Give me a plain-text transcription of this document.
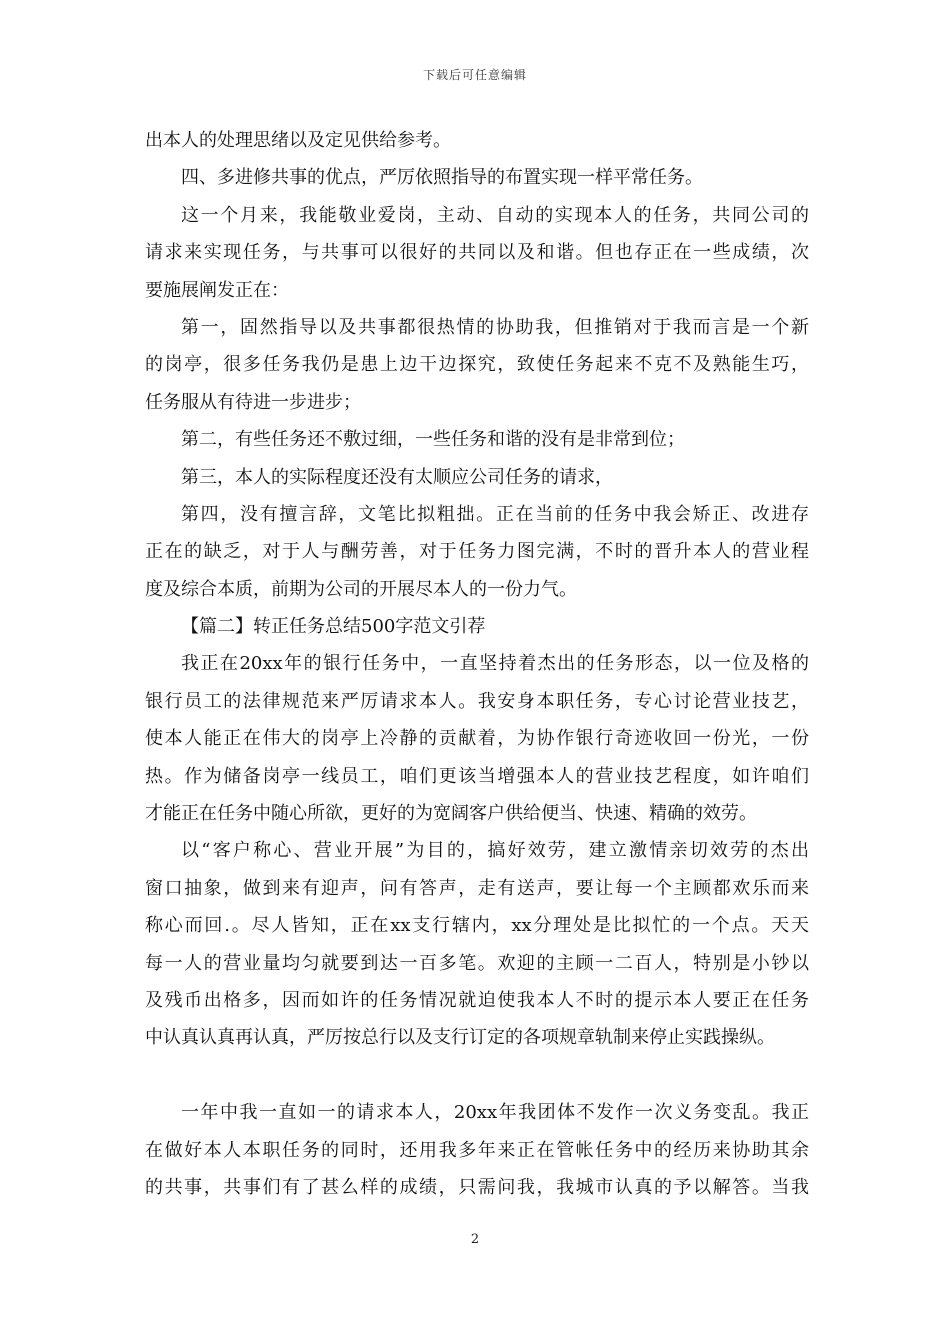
下载后可任意编辑
出本人的处理思绪以及定见供给参考。
四、多进修共事的优点，严厉依照指导的布置实现一样平常任务。
这一个月来，我能敬业爱岗，主动、自动的实现本人的任务，共同公司的
请求来实现任务，与共事可以很好的共同以及和谐。但也存正在一些成绩，次
要施展阐发正在：
第一，固然指导以及共事都很热情的协助我，但推销对于我而言是一个新
的岗亭，很多任务我仍是患上边干边探究，致使任务起来不克不及熟能生巧，
任务服从有待进一步进步；
第二，有些任务还不敷过细，一些任务和谐的没有是非常到位；
第三，本人的实际程度还没有太顺应公司任务的请求，
第四，没有擅言辞，文笔比拟粗拙。正在当前的任务中我会矫正、改进存
正在的缺乏，对于人与酬劳善，对于任务力图完满，不时的晋升本人的营业程
度及综合本质，前期为公司的开展尽本人的一份力气。
【篇二】转正任务总结500字范文引荐
我正在20xx年的银行任务中，一直坚持着杰出的任务形态，以一位及格的
银行员工的法律规范来严厉请求本人。我安身本职任务，专心讨论营业技艺，
使本人能正在伟大的岗亭上冷静的贡献着，为协作银行奇迹收回一份光，一份
热。作为储备岗亭一线员工，咱们更该当增强本人的营业技艺程度，如许咱们
才能正在任务中随心所欲，更好的为宽阔客户供给便当、快速、精确的效劳。
以“客户称心、营业开展”为目的，搞好效劳，建立激情亲切效劳的杰出
窗口抽象，做到来有迎声，问有答声，走有送声，要让每一个主顾都欢乐而来
称心而回.。尽人皆知，正在xx支行辖内，xx分理处是比拟忙的一个点。天天
每一人的营业量均匀就要到达一百多笔。欢迎的主顾一二百人，特别是小钞以
及残币出格多，因而如许的任务情况就迫使我本人不时的提示本人要正在任务
中认真认真再认真，严厉按总行以及支行订定的各项规章轨制来停止实践操纵。
一年中我一直如一的请求本人，20xx年我团体不发作一次义务变乱。我正
在做好本人本职任务的同时，还用我多年来正在管帐任务中的经历来协助其余
的共事，共事们有了甚么样的成绩，只需问我，我城市认真的予以解答。当我
2
